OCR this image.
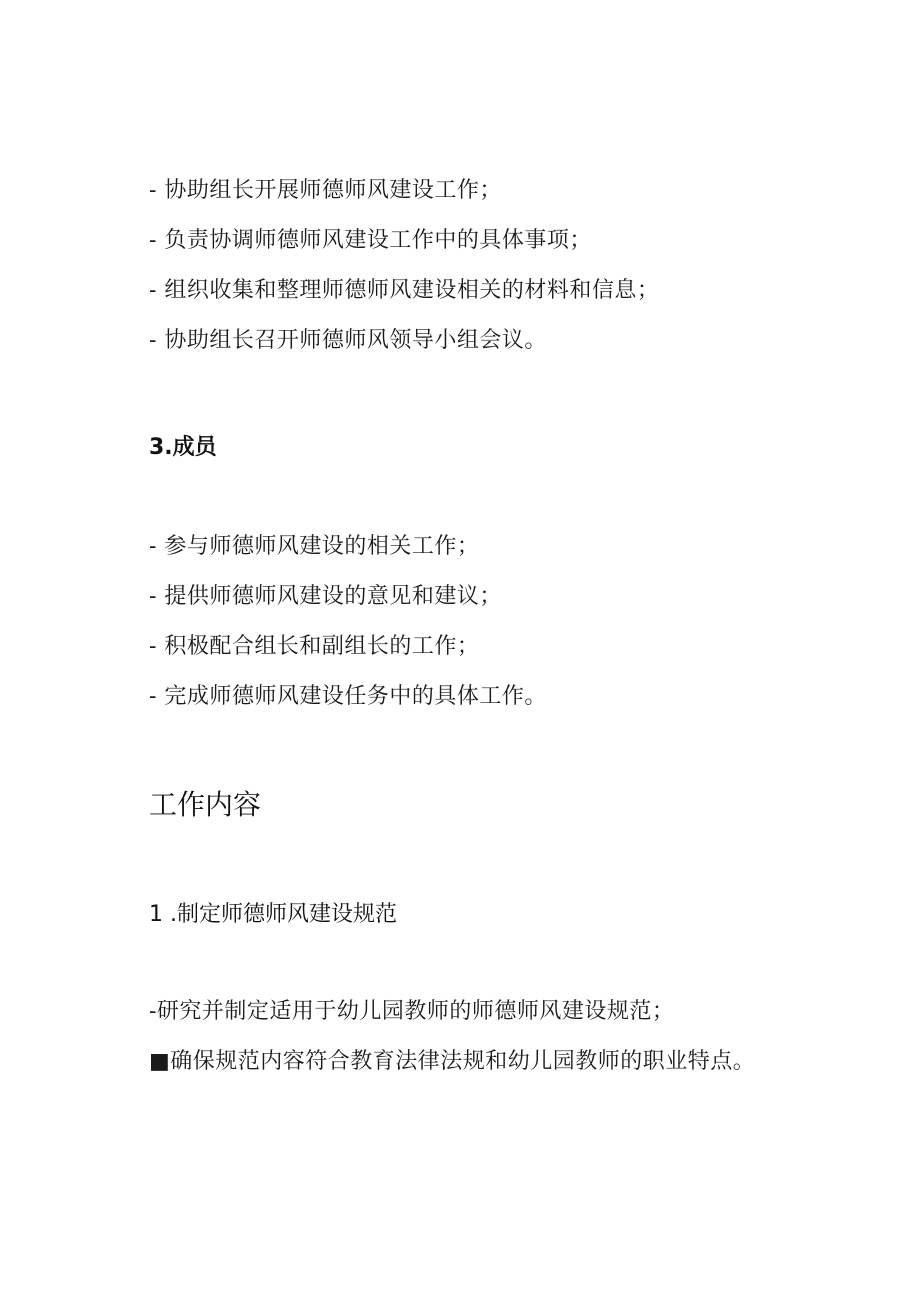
- 协助组长开展师德师风建设工作；
- 负责协调师德师风建设工作中的具体事项；
- 组织收集和整理师德师风建设相关的材料和信息；
- 协助组长召开师德师风领导小组会议。
3.成员
- 参与师德师风建设的相关工作；
- 提供师德师风建设的意见和建议；
- 积极配合组长和副组长的工作；
- 完成师德师风建设任务中的具体工作。
工作内容
1 .制定师德师风建设规范
-研究并制定适用于幼儿园教师的师德师风建设规范；
■确保规范内容符合教育法律法规和幼儿园教师的职业特点。
